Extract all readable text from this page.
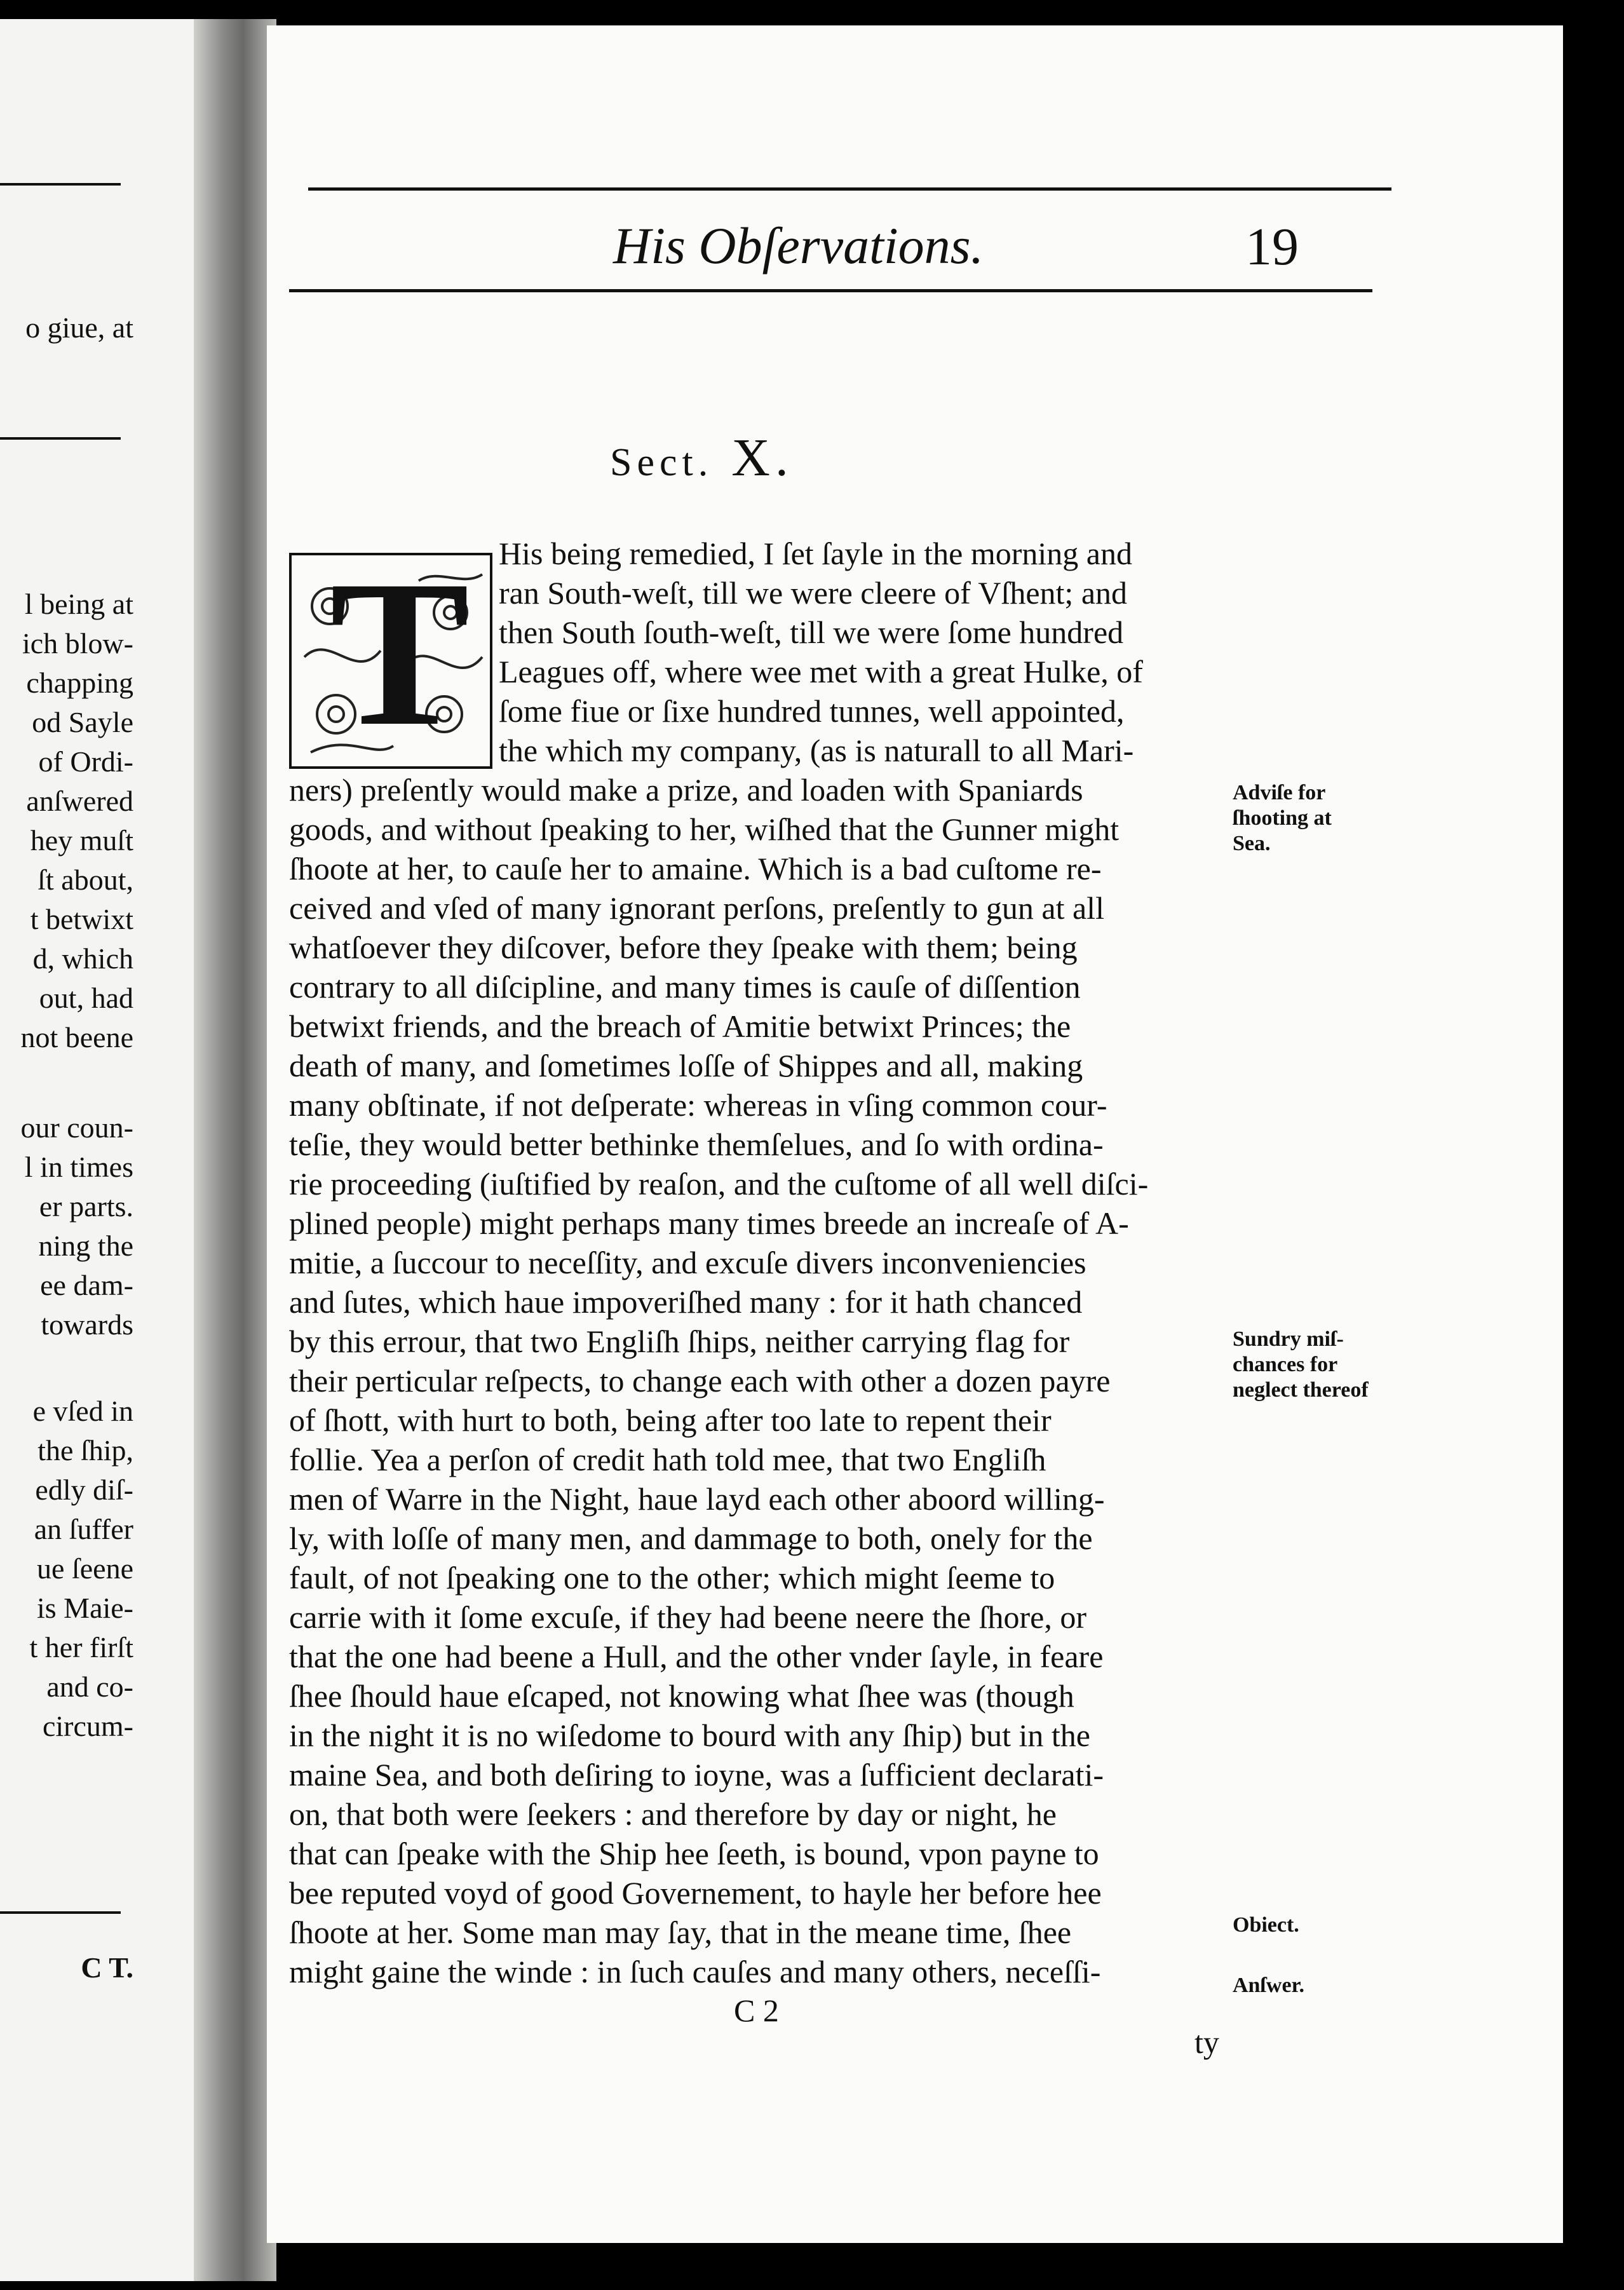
o giue, at
l being at
ich blow-
chapping
od Sayle
of Ordi-
anſwered
hey muſt
ſt about,
t betwixt
d, which
out, had
not beene
our coun-
l in times
er parts.
ning the
ee dam-
towards
e vſed in
the ſhip,
edly diſ-
an ſuffer
ue ſeene
is Maie-
t her firſt
and co-
circum-
C T.
His Obſervations.	19
Sect. X.
T His being remedied, I ſet ſayle in the morning and
ran South-weſt, till we were cleere of Vſhent; and
then South ſouth-weſt, till we were ſome hundred
Leagues off, where wee met with a great Hulke, of
ſome fiue or ſixe hundred tunnes, well appointed,
the which my company, (as is naturall to all Mari-
ners) preſently would make a prize, and loaden with Spaniards
goods, and without ſpeaking to her, wiſhed that the Gunner might
ſhoote at her, to cauſe her to amaine. Which is a bad cuſtome re-
ceived and vſed of many ignorant perſons, preſently to gun at all
whatſoever they diſcover, before they ſpeake with them; being
contrary to all diſcipline, and many times is cauſe of diſſention
betwixt friends, and the breach of Amitie betwixt Princes; the
death of many, and ſometimes loſſe of Shippes and all, making
many obſtinate, if not deſperate: whereas in vſing common cour-
teſie, they would better bethinke themſelues, and ſo with ordina-
rie proceeding (iuſtified by reaſon, and the cuſtome of all well diſci-
plined people) might perhaps many times breede an increaſe of A-
mitie, a ſuccour to neceſſity, and excuſe divers inconveniencies
and ſutes, which haue impoveriſhed many : for it hath chanced
by this errour, that two Engliſh ſhips, neither carrying flag for
their perticular reſpects, to change each with other a dozen payre
of ſhott, with hurt to both, being after too late to repent their
follie. Yea a perſon of credit hath told mee, that two Engliſh
men of Warre in the Night, haue layd each other aboord willing-
ly, with loſſe of many men, and dammage to both, onely for the
fault, of not ſpeaking one to the other; which might ſeeme to
carrie with it ſome excuſe, if they had beene neere the ſhore, or
that the one had beene a Hull, and the other vnder ſayle, in feare
ſhee ſhould haue eſcaped, not knowing what ſhee was (though
in the night it is no wiſedome to bourd with any ſhip) but in the
maine Sea, and both deſiring to ioyne, was a ſufficient declarati-
on, that both were ſeekers : and therefore by day or night, he
that can ſpeake with the Ship hee ſeeth, is bound, vpon payne to
bee reputed voyd of good Governement, to hayle her before hee
ſhoote at her. Some man may ſay, that in the meane time, ſhee
might gaine the winde : in ſuch cauſes and many others, neceſſi-
Adviſe for
ſhooting at
Sea.
Sundry miſ-
chances for
neglect thereof
Obiect.
Anſwer.
C 2
ty
